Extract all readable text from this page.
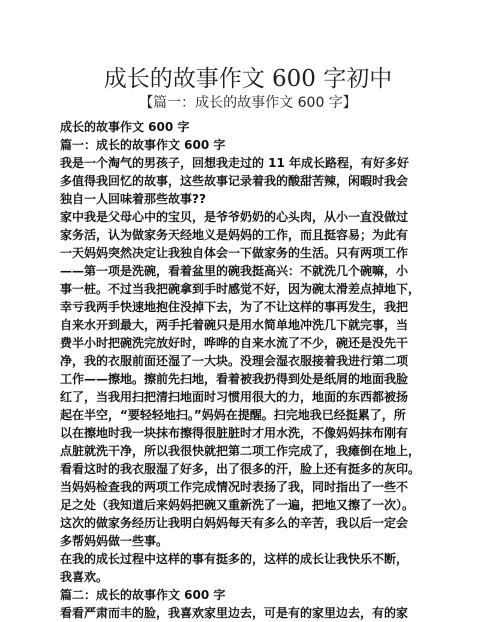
成长的故事作文 600 字初中
【篇一：成长的故事作文 600 字】
成长的故事作文 600 字
篇一：成长的故事作文 600 字
我是一个淘气的男孩子，回想我走过的 11 年成长路程，有好多好
多值得我回忆的故事，这些故事记录着我的酸甜苦辣，闲暇时我会
独自一人回味着那些故事??
家中我是父母心中的宝贝，是爷爷奶奶的心头肉，从小一直没做过
家务活，认为做家务天经地义是妈妈的工作，而且挺容易；为此有
一天妈妈突然决定让我独自体会一下做家务的生活。只有两项工作
——第一项是洗碗，看着盆里的碗我挺高兴：不就洗几个碗嘛，小
事一桩。不过当我把碗拿到手时感觉不好，因为碗太滑差点掉地下，
幸亏我两手快速地抱住没掉下去，为了不让这样的事再发生，我把
自来水开到最大，两手托着碗只是用水简单地冲洗几下就完事，当
费半小时把碗洗完放好时，哗哗的自来水流了不少，碗还是没先干
净，我的衣服前面还湿了一大块。没理会湿衣服接着我进行第二项
工作——擦地。擦前先扫地，看着被我扔得到处是纸屑的地面我脸
红了，当我用扫把清扫地面时习惯用很大的力，地面的东西都被扬
起在半空，“要轻轻地扫。”妈妈在提醒。扫完地我已经挺累了，所
以在擦地时我一块抹布擦得很脏脏时才用水洗，不像妈妈抹布刚有
点脏就洗干净，所以我很快就把第二项工作完成了，我瘫倒在地上，
看看这时的我衣服湿了好多，出了很多的汗，脸上还有挺多的灰印。
当妈妈检查我的两项工作完成情况时表扬了我，同时指出了一些不
足之处（我知道后来妈妈把碗又重新洗了一遍，把地又擦了一次）。
这次的做家务经历让我明白妈妈每天有多么的辛苦，我以后一定会
多帮妈妈做一些事。
在我的成长过程中这样的事有挺多的，这样的成长让我快乐不断，
我喜欢。
篇二：成长的故事作文 600 字
看看严肃而丰的脸，我喜欢家里边去，可是有的家里边去，有的家
